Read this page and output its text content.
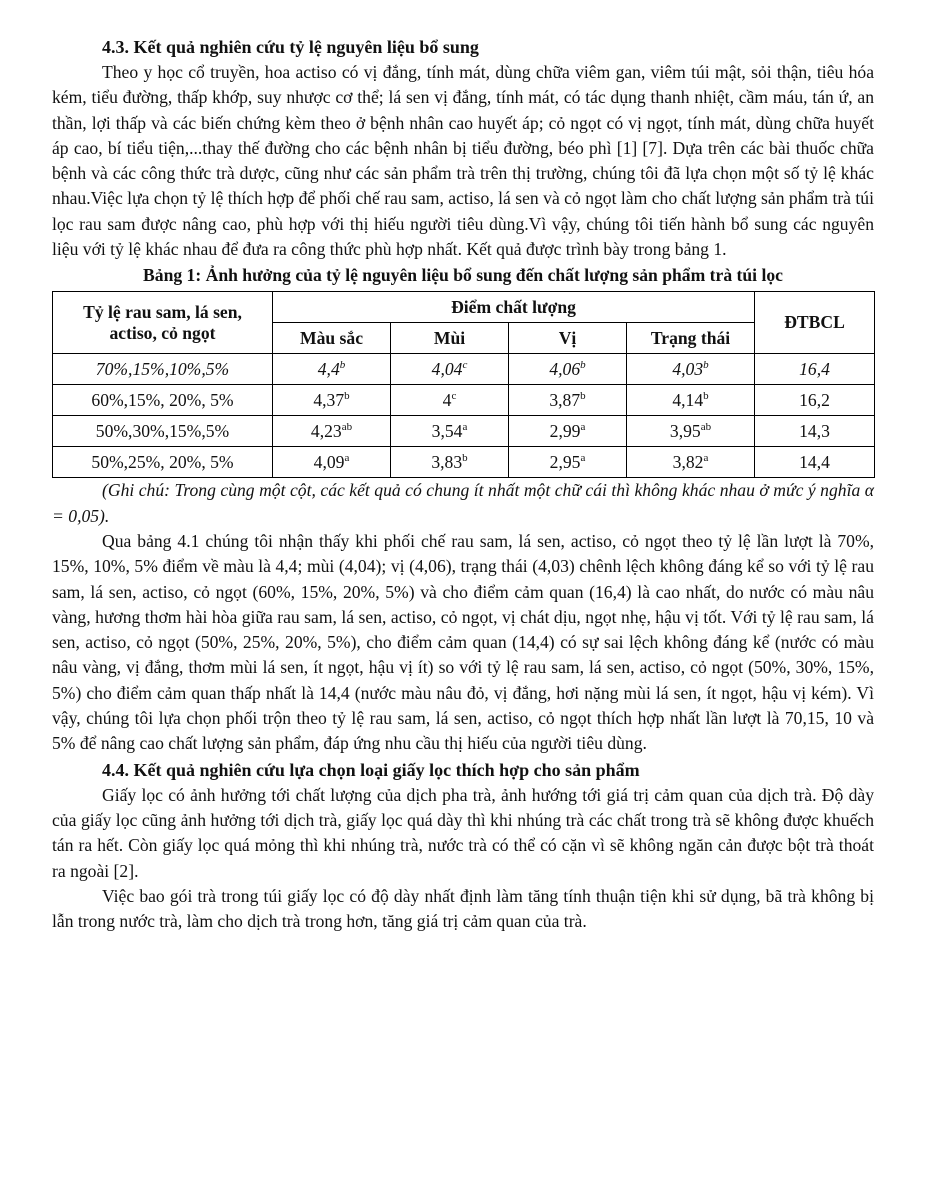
4.3. Kết quả nghiên cứu tỷ lệ nguyên liệu bổ sung

Theo y học cổ truyền, hoa actiso có vị đắng, tính mát, dùng chữa viêm gan, viêm túi mật, sỏi thận, tiêu hóa kém, tiểu đường, thấp khớp, suy nhược cơ thể; lá sen vị đắng, tính mát, có tác dụng thanh nhiệt, cầm máu, tán ứ, an thần, lợi thấp và các biến chứng kèm theo ở bệnh nhân cao huyết áp; cỏ ngọt có vị ngọt, tính mát, dùng chữa huyết áp cao, bí tiểu tiện,...thay thế đường cho các bệnh nhân bị tiểu đường, béo phì [1] [7]. Dựa trên các bài thuốc chữa bệnh và các công thức trà dược, cũng như các sản phẩm trà trên thị trường, chúng tôi đã lựa chọn một số tỷ lệ khác nhau.Việc lựa chọn tỷ lệ thích hợp để phối chế rau sam, actiso, lá sen và cỏ ngọt làm cho chất lượng sản phẩm trà túi lọc rau sam được nâng cao, phù hợp với thị hiếu người tiêu dùng.Vì vậy, chúng tôi tiến hành bổ sung các nguyên liệu với tỷ lệ khác nhau để đưa ra công thức phù hợp nhất. Kết quả được trình bày trong bảng 1.

Bảng 1: Ảnh hưởng của tỷ lệ nguyên liệu bổ sung đến chất lượng sản phẩm trà túi lọc
Tỷ lệ rau sam, lá sen,
actiso, cỏ ngọt	Điểm chất lượng				ĐTBCL
	Màu sắc	Mùi	Vị	Trạng thái	
70%,15%,10%,5%	4,4$^b$	4,04$^c$	4,06$^b$	4,03$^b$	16,4
60%,15%, 20%, 5%	4,37$^b$	4$^c$	3,87$^b$	4,14$^b$	16,2
50%,30%,15%,5%	4,23$^{ab}$	3,54$^a$	2,99$^a$	3,95$^{ab}$	14,3
50%,25%, 20%, 5%	4,09$^a$	3,83$^b$	2,95$^a$	3,82$^a$	14,4

(Ghi chú: Trong cùng một cột, các kết quả có chung ít nhất một chữ cái thì không khác nhau ở mức ý nghĩa α = 0,05).

Qua bảng 4.1 chúng tôi nhận thấy khi phối chế rau sam, lá sen, actiso, cỏ ngọt theo tỷ lệ lần lượt là 70%, 15%, 10%, 5% điểm về màu là 4,4; mùi (4,04); vị (4,06), trạng thái (4,03) chênh lệch không đáng kể so với tỷ lệ rau sam, lá sen, actiso, cỏ ngọt (60%, 15%, 20%, 5%) và cho điểm cảm quan (16,4) là cao nhất, do nước có màu nâu vàng, hương thơm hài hòa giữa rau sam, lá sen, actiso, cỏ ngọt, vị chát dịu, ngọt nhẹ, hậu vị tốt. Với tỷ lệ rau sam, lá sen, actiso, cỏ ngọt (50%, 25%, 20%, 5%), cho điểm cảm quan (14,4) có sự sai lệch không đáng kể (nước có màu nâu vàng, vị đắng, thơm mùi lá sen, ít ngọt, hậu vị ít) so với tỷ lệ rau sam, lá sen, actiso, cỏ ngọt (50%, 30%, 15%, 5%) cho điểm cảm quan thấp nhất là 14,4 (nước màu nâu đỏ, vị đắng, hơi nặng mùi lá sen, ít ngọt, hậu vị kém). Vì vậy, chúng tôi lựa chọn phối trộn theo tỷ lệ rau sam, lá sen, actiso, cỏ ngọt thích hợp nhất lần lượt là 70,15, 10 và 5% để nâng cao chất lượng sản phẩm, đáp ứng nhu cầu thị hiếu của người tiêu dùng.

4.4. Kết quả nghiên cứu lựa chọn loại giấy lọc thích hợp cho sản phẩm

Giấy lọc có ảnh hưởng tới chất lượng của dịch pha trà, ảnh hướng tới giá trị cảm quan của dịch trà. Độ dày của giấy lọc cũng ảnh hưởng tới dịch trà, giấy lọc quá dày thì khi nhúng trà các chất trong trà sẽ không được khuếch tán ra hết. Còn giấy lọc quá mỏng thì khi nhúng trà, nước trà có thể có cặn vì sẽ không ngăn cản được bột trà thoát ra ngoài [2].

Việc bao gói trà trong túi giấy lọc có độ dày nhất định làm tăng tính thuận tiện khi sử dụng, bã trà không bị lẫn trong nước trà, làm cho dịch trà trong hơn, tăng giá trị cảm quan của trà.
